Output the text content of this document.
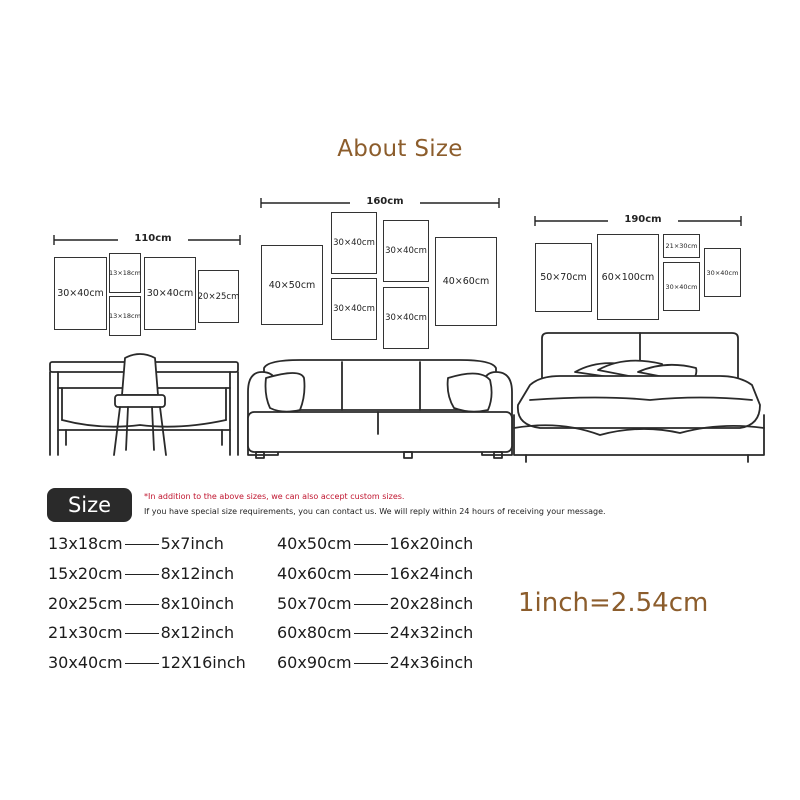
About Size
110cm
160cm
190cm
30×40cm
13×18cm
13×18cm
30×40cm 20×25cm
40×50cm
30×40cm
30×40cm
30×40cm
30×40cm
40×60cm	50×70cm	60×100cm
21×30cm
30×40cm
30×40cm
Size	*In addition to the above sizes, we can also accept custom sizes.
If you have special size requirements, you can contact us. We will reply within 24 hours of receiving your message.
13x18cm 5x7inch
15x20cm 8x12inch
20x25cm 8x10inch
21x30cm 8x12inch
30x40cm 12X16inch
40x50cm 16x20inch
40x60cm 16x24inch
50x70cm 20x28inch
60x80cm 24x32inch
60x90cm 24x36inch
1inch=2.54cm
